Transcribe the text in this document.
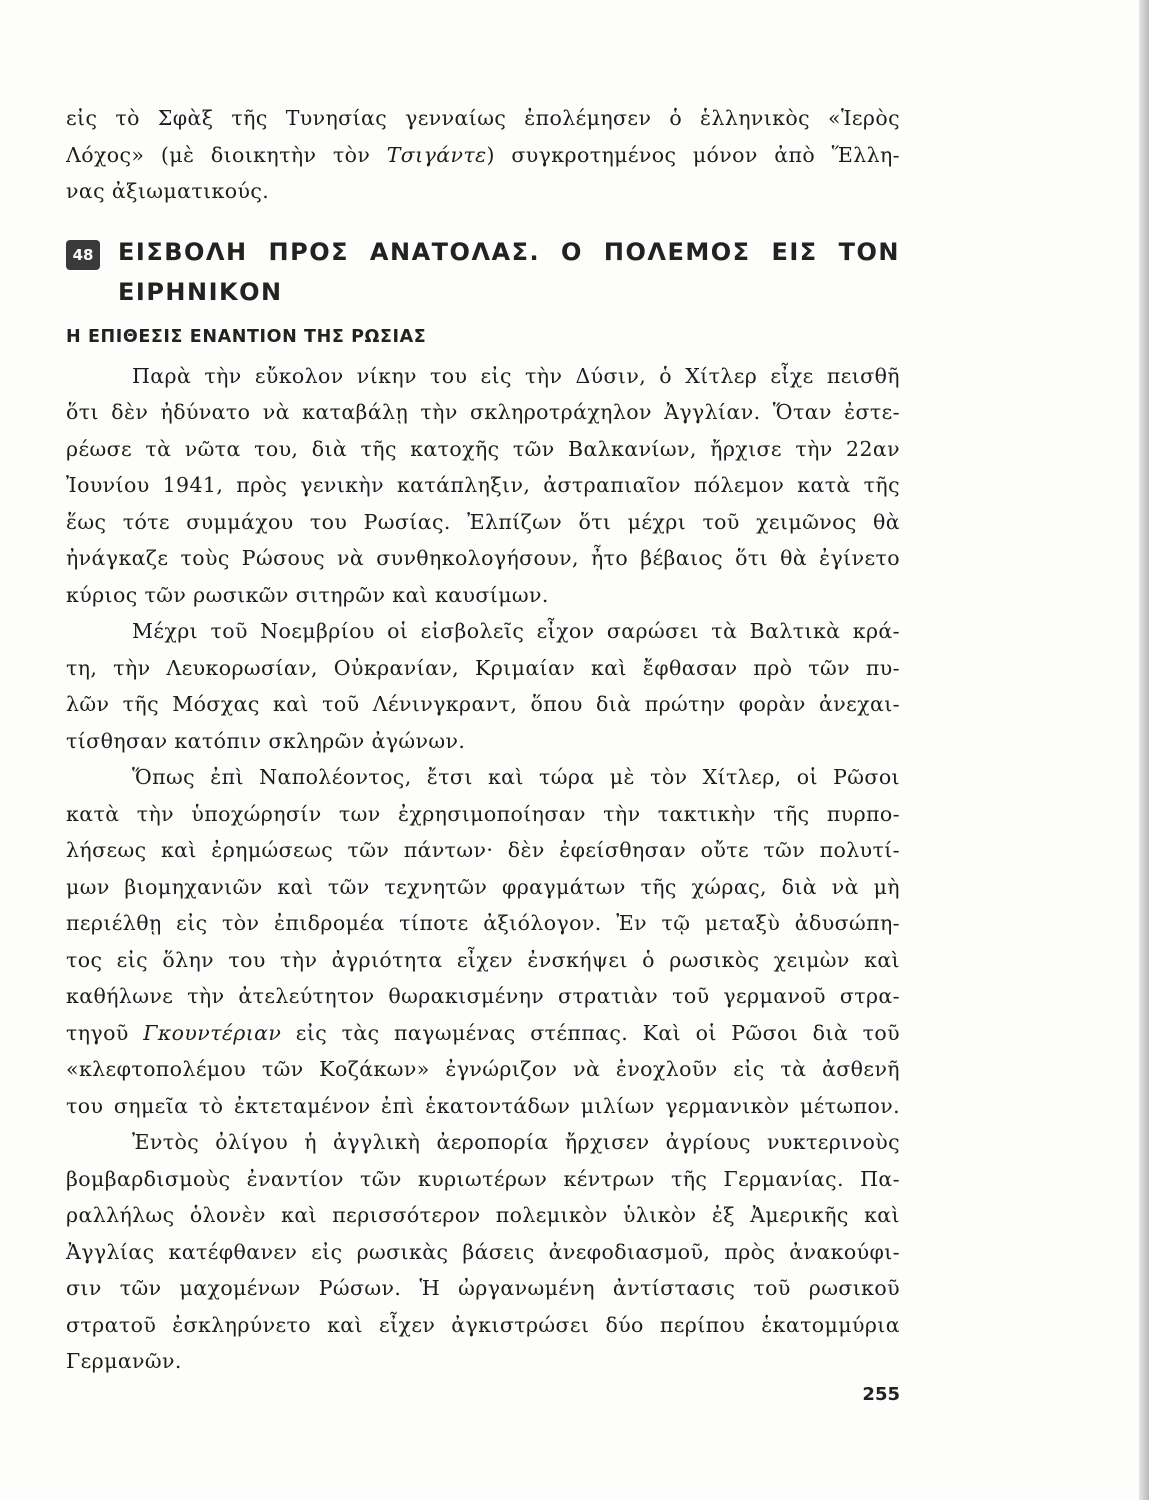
εἰς τὸ Σφὰξ τῆς Τυνησίας γενναίως ἐπολέμησεν ὁ ἑλληνικὸς «Ἱερὸς
Λόχος» (μὲ διοικητὴν τὸν Τσιγάντε) συγκροτημένος μόνον ἀπὸ Ἕλλη-
νας ἀξιωματικούς.
48	ΕΙΣΒΟΛΗ ΠΡΟΣ ΑΝΑΤΟΛΑΣ. Ο ΠΟΛΕΜΟΣ ΕΙΣ ΤΟΝ
ΕΙΡΗΝΙΚΟΝ
Η ΕΠΙΘΕΣΙΣ ΕΝΑΝΤΙΟΝ ΤΗΣ ΡΩΣΙΑΣ
Παρὰ τὴν εὔκολον νίκην του εἰς τὴν Δύσιν, ὁ Χίτλερ εἶχε πεισθῆ
ὅτι δὲν ἠδύνατο νὰ καταβάλῃ τὴν σκληροτράχηλον Ἀγγλίαν. Ὅταν ἐστε-
ρέωσε τὰ νῶτα του, διὰ τῆς κατοχῆς τῶν Βαλκανίων, ἤρχισε τὴν 22αν
Ἰουνίου 1941, πρὸς γενικὴν κατάπληξιν, ἀστραπιαῖον πόλεμον κατὰ τῆς
ἕως τότε συμμάχου του Ρωσίας. Ἐλπίζων ὅτι μέχρι τοῦ χειμῶνος θὰ
ἠνάγκαζε τοὺς Ρώσους νὰ συνθηκολογήσουν, ἦτο βέβαιος ὅτι θὰ ἐγίνετο
κύριος τῶν ρωσικῶν σιτηρῶν καὶ καυσίμων.
Μέχρι τοῦ Νοεμβρίου οἱ εἰσβολεῖς εἶχον σαρώσει τὰ Βαλτικὰ κρά-
τη, τὴν Λευκορωσίαν, Οὐκρανίαν, Κριμαίαν καὶ ἔφθασαν πρὸ τῶν πυ-
λῶν τῆς Μόσχας καὶ τοῦ Λένινγκραντ, ὅπου διὰ πρώτην φορὰν ἀνεχαι-
τίσθησαν κατόπιν σκληρῶν ἀγώνων.
Ὅπως ἐπὶ Ναπολέοντος, ἔτσι καὶ τώρα μὲ τὸν Χίτλερ, οἱ Ρῶσοι
κατὰ τὴν ὑποχώρησίν των ἐχρησιμοποίησαν τὴν τακτικὴν τῆς πυρπο-
λήσεως καὶ ἐρημώσεως τῶν πάντων· δὲν ἐφείσθησαν οὔτε τῶν πολυτί-
μων βιομηχανιῶν καὶ τῶν τεχνητῶν φραγμάτων τῆς χώρας, διὰ νὰ μὴ
περιέλθῃ εἰς τὸν ἐπιδρομέα τίποτε ἀξιόλογον. Ἐν τῷ μεταξὺ ἀδυσώπη-
τος εἰς ὅλην του τὴν ἀγριότητα εἶχεν ἐνσκήψει ὁ ρωσικὸς χειμὼν καὶ
καθήλωνε τὴν ἀτελεύτητον θωρακισμένην στρατιὰν τοῦ γερμανοῦ στρα-
τηγοῦ Γκουντέριαν εἰς τὰς παγωμένας στέππας. Καὶ οἱ Ρῶσοι διὰ τοῦ
«κλεφτοπολέμου τῶν Κοζάκων» ἐγνώριζον νὰ ἐνοχλοῦν εἰς τὰ ἀσθενῆ
του σημεῖα τὸ ἐκτεταμένον ἐπὶ ἑκατοντάδων μιλίων γερμανικὸν μέτωπον.
Ἐντὸς ὀλίγου ἡ ἀγγλικὴ ἀεροπορία ἤρχισεν ἀγρίους νυκτερινοὺς
βομβαρδισμοὺς ἐναντίον τῶν κυριωτέρων κέντρων τῆς Γερμανίας. Πα-
ραλλήλως ὁλονὲν καὶ περισσότερον πολεμικὸν ὑλικὸν ἐξ Ἀμερικῆς καὶ
Ἀγγλίας κατέφθανεν εἰς ρωσικὰς βάσεις ἀνεφοδιασμοῦ, πρὸς ἀνακούφι-
σιν τῶν μαχομένων Ρώσων. Ἡ ὠργανωμένη ἀντίστασις τοῦ ρωσικοῦ
στρατοῦ ἐσκληρύνετο καὶ εἶχεν ἀγκιστρώσει δύο περίπου ἑκατομμύρια
Γερμανῶν.
255
